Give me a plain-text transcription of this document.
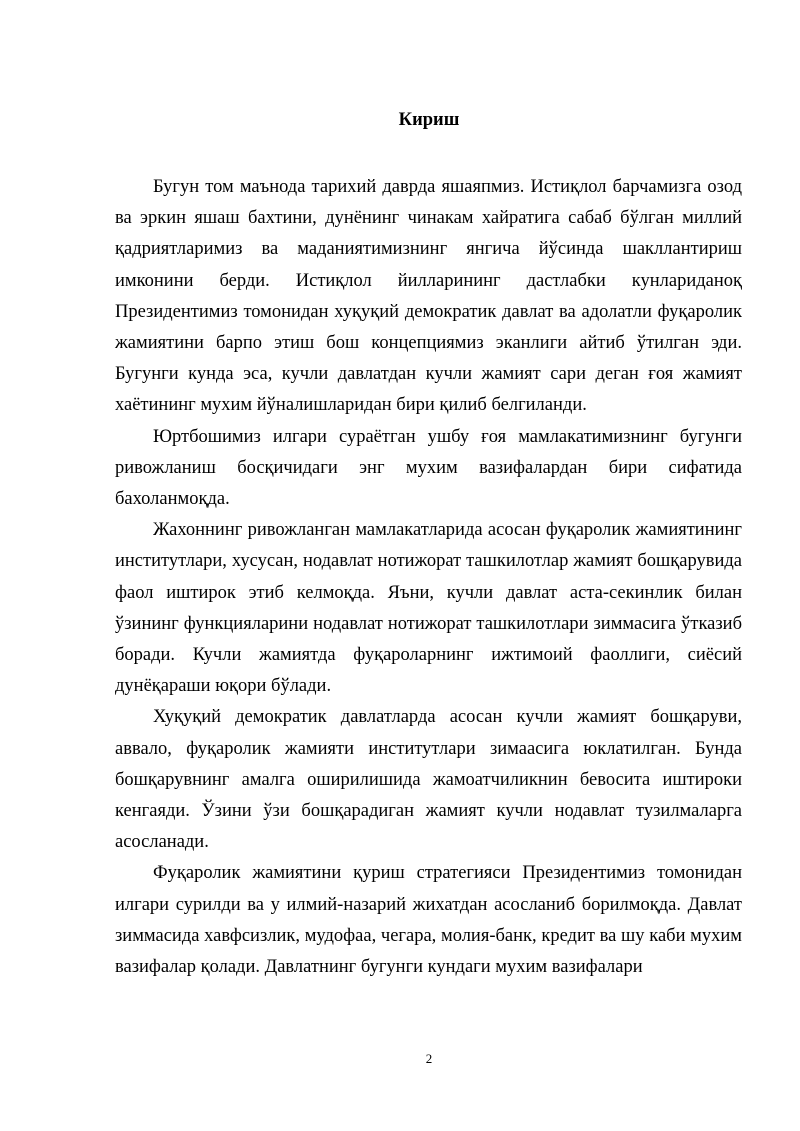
Кириш

Бугун том маънода тарихий даврда яшаяпмиз. Истиқлол барчамизга озод ва эркин яшаш бахтини, дунёнинг чинакам хайратига сабаб бўлган миллий қадриятларимиз ва маданиятимизнинг янгича йўсинда шакллантириш имконини берди. Истиқлол йилларининг дастлабки кунлариданоқ Президентимиз томонидан хуқуқий демократик давлат ва адолатли фуқаролик жамиятини барпо этиш бош концепциямиз эканлиги айтиб ўтилган эди. Бугунги кунда эса, кучли давлатдан кучли жамият сари деган ғоя жамият хаётининг мухим йўналишларидан бири қилиб белгиланди.

Юртбошимиз илгари сураётган ушбу ғоя мамлакатимизнинг бугунги ривожланиш босқичидаги энг мухим вазифалардан бири сифатида бахоланмоқда.

Жахоннинг ривожланган мамлакатларида асосан фуқаролик жамиятининг институтлари, хусусан, нодавлат нотижорат ташкилотлар жамият бошқарувида фаол иштирок этиб келмоқда. Яъни, кучли давлат аста-секинлик билан ўзининг функцияларини нодавлат нотижорат ташкилотлари зиммасига ўтказиб боради. Кучли жамиятда фуқароларнинг ижтимоий фаоллиги, сиёсий дунёқараши юқори бўлади.

Хуқуқий демократик давлатларда асосан кучли жамият бошқаруви, аввало, фуқаролик жамияти институтлари зимаасига юклатилган. Бунда бошқарувнинг амалга оширилишида жамоатчиликнин бевосита иштироки кенгаяди. Ўзини ўзи бошқарадиган жамият кучли нодавлат тузилмаларга асосланади.

Фуқаролик жамиятини қуриш стратегияси Президентимиз томонидан илгари сурилди ва у илмий-назарий жихатдан асосланиб борилмоқда. Давлат зиммасида хавфсизлик, мудофаа, чегара, молия-банк, кредит ва шу каби мухим вазифалар қолади. Давлатнинг бугунги кундаги мухим вазифалари

2
